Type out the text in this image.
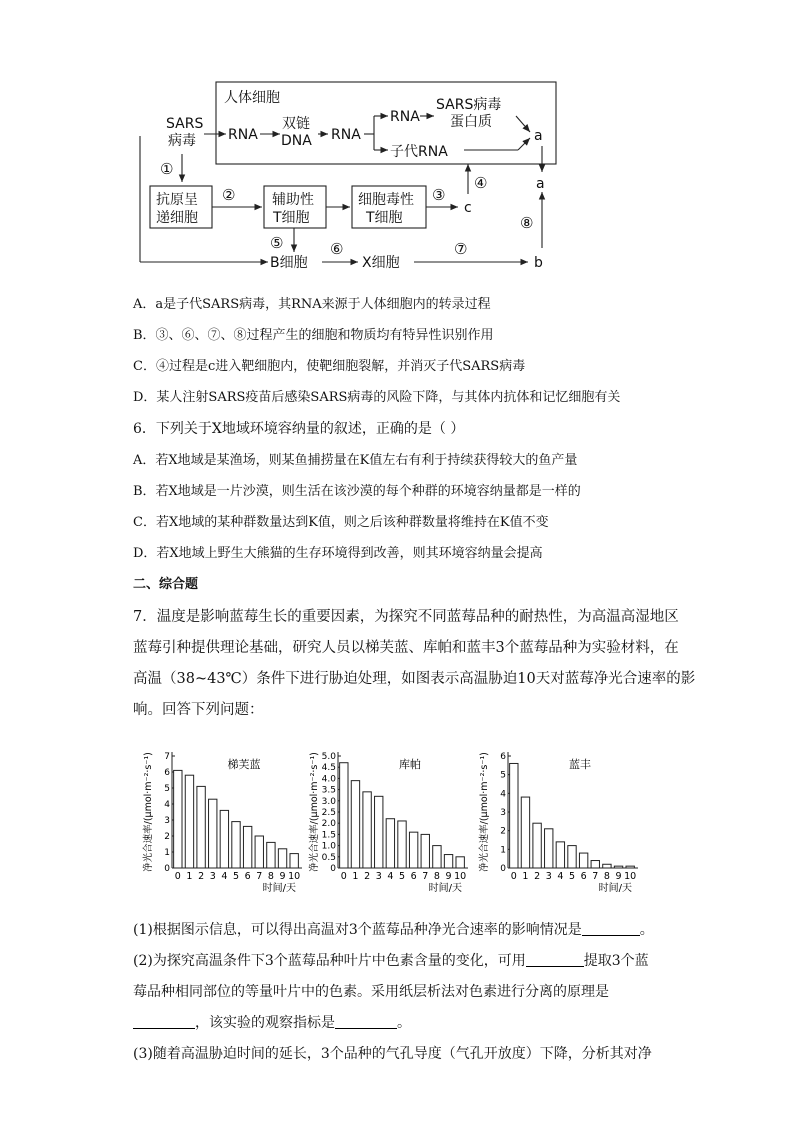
人体细胞
SARS
病毒 RNA
双链
DNA RNA
RNA
SARS病毒
蛋白质
子代RNA
a
a
抗原呈
递细胞
辅助性
T细胞
细胞毒性
T细胞
c
B细胞	X细胞	b
①
②	③
④
⑤	⑥	⑦
⑧
A．a是子代SARS病毒，其RNA来源于人体细胞内的转录过程
B．③、⑥、⑦、⑧过程产生的细胞和物质均有特异性识别作用
C．④过程是c进入靶细胞内，使靶细胞裂解，并消灭子代SARS病毒
D．某人注射SARS疫苗后感染SARS病毒的风险下降，与其体内抗体和记忆细胞有关
6．下列关于X地域环境容纳量的叙述，正确的是（ ）
A．若X地域是某渔场，则某鱼捕捞量在K值左右有利于持续获得较大的鱼产量
B．若X地域是一片沙漠，则生活在该沙漠的每个种群的环境容纳量都是一样的
C．若X地域的某种群数量达到K值，则之后该种群数量将维持在K值不变
D．若X地域上野生大熊猫的生存环境得到改善，则其环境容纳量会提高
二、综合题
7．温度是影响蓝莓生长的重要因素，为探究不同蓝莓品种的耐热性，为高温高湿地区
蓝莓引种提供理论基础，研究人员以梯芙蓝、库帕和蓝丰3个蓝莓品种为实验材料，在
高温（38~43℃）条件下进行胁迫处理，如图表示高温胁迫10天对蓝莓净光合速率的影
响。回答下列问题：
净光合速率/(μmol·m⁻²·s⁻¹) 0
1
2
3
4
5
6
7
0 1 2 3 4 5 6 7 8 9 10
梯芙蓝
时间/天
净光合速率/(μmol·m⁻²·s⁻¹) 0
0.5
1.0
1.5
2.0
2.5
3.0
3.5
4.0
4.5
5.0
0 1 2 3 4 5 6 7 8 9 10
库帕
时间/天
净光合速率/(μmol·m⁻²·s⁻¹) 0
1
2
3
4
5
6
0 1 2 3 4 5 6 7 8 9 10
蓝丰
时间/天
(1)根据图示信息，可以得出高温对3个蓝莓品种净光合速率的影响情况是	。
(2)为探究高温条件下3个蓝莓品种叶片中色素含量的变化，可用	提取3个蓝
莓品种相同部位的等量叶片中的色素。采用纸层析法对色素进行分离的原理是
，该实验的观察指标是	。
(3)随着高温胁迫时间的延长，3个品种的气孔导度（气孔开放度）下降，分析其对净
